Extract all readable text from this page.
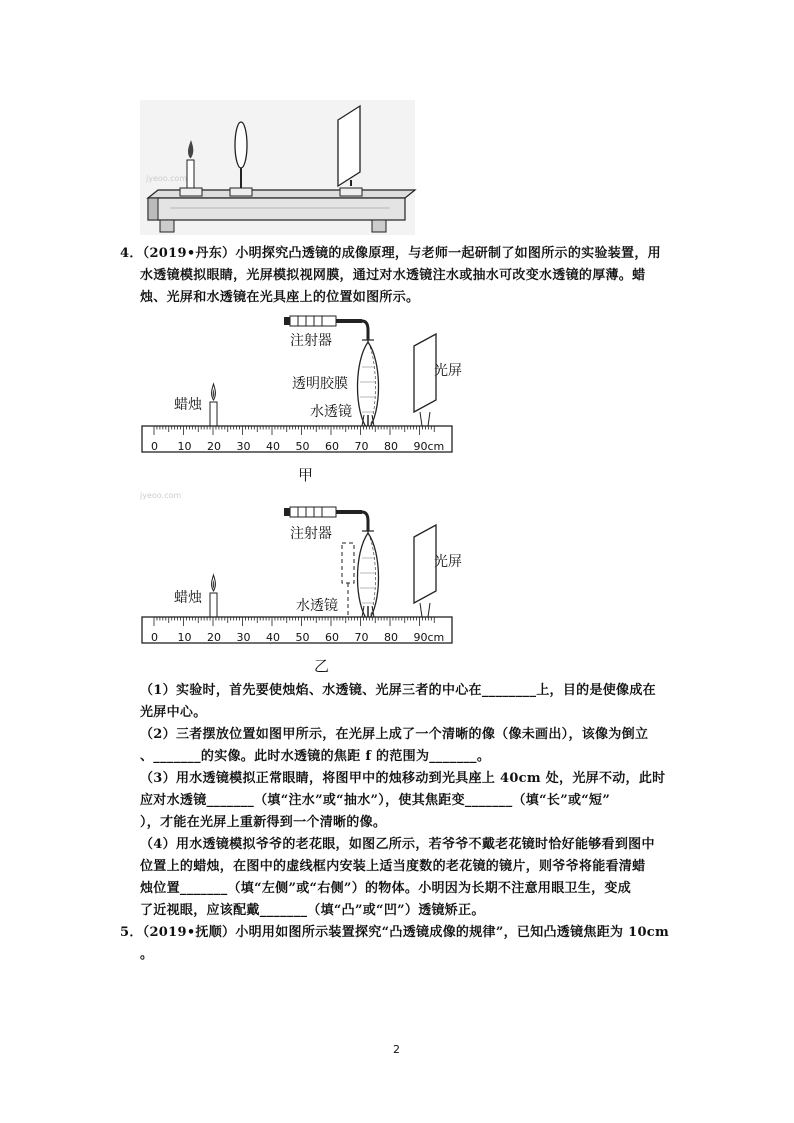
jyeoo.com
4．（2019•丹东）小明探究凸透镜的成像原理，与老师一起研制了如图所示的实验装置，用
水透镜模拟眼睛，光屏模拟视网膜，通过对水透镜注水或抽水可改变水透镜的厚薄。蜡
烛、光屏和水透镜在光具座上的位置如图所示。
注射器
透明胶膜
光屏
蜡烛	水透镜
0 10 20 30 40 50 60 70 80 90 cm
甲
jyeoo.com
注射器
光屏
蜡烛	水透镜
0 10 20 30 40 50 60 70 80 90 cm
乙
（1）实验时，首先要使烛焰、水透镜、光屏三者的中心在________上，目的是使像成在
光屏中心。
（2）三者摆放位置如图甲所示，在光屏上成了一个清晰的像（像未画出），该像为倒立
、_______的实像。此时水透镜的焦距 f 的范围为_______。
（3）用水透镜模拟正常眼睛，将图甲中的烛移动到光具座上 40cm 处，光屏不动，此时
应对水透镜_______（填“注水”或“抽水”），使其焦距变_______（填“长”或“短”
），才能在光屏上重新得到一个清晰的像。
（4）用水透镜模拟爷爷的老花眼，如图乙所示，若爷爷不戴老花镜时恰好能够看到图中
位置上的蜡烛，在图中的虚线框内安装上适当度数的老花镜的镜片，则爷爷将能看清蜡
烛位置_______（填“左侧”或“右侧”）的物体。小明因为长期不注意用眼卫生，变成
了近视眼，应该配戴_______（填“凸”或“凹”）透镜矫正。
5．（2019•抚顺）小明用如图所示装置探究“凸透镜成像的规律”，已知凸透镜焦距为 10cm
。
2
